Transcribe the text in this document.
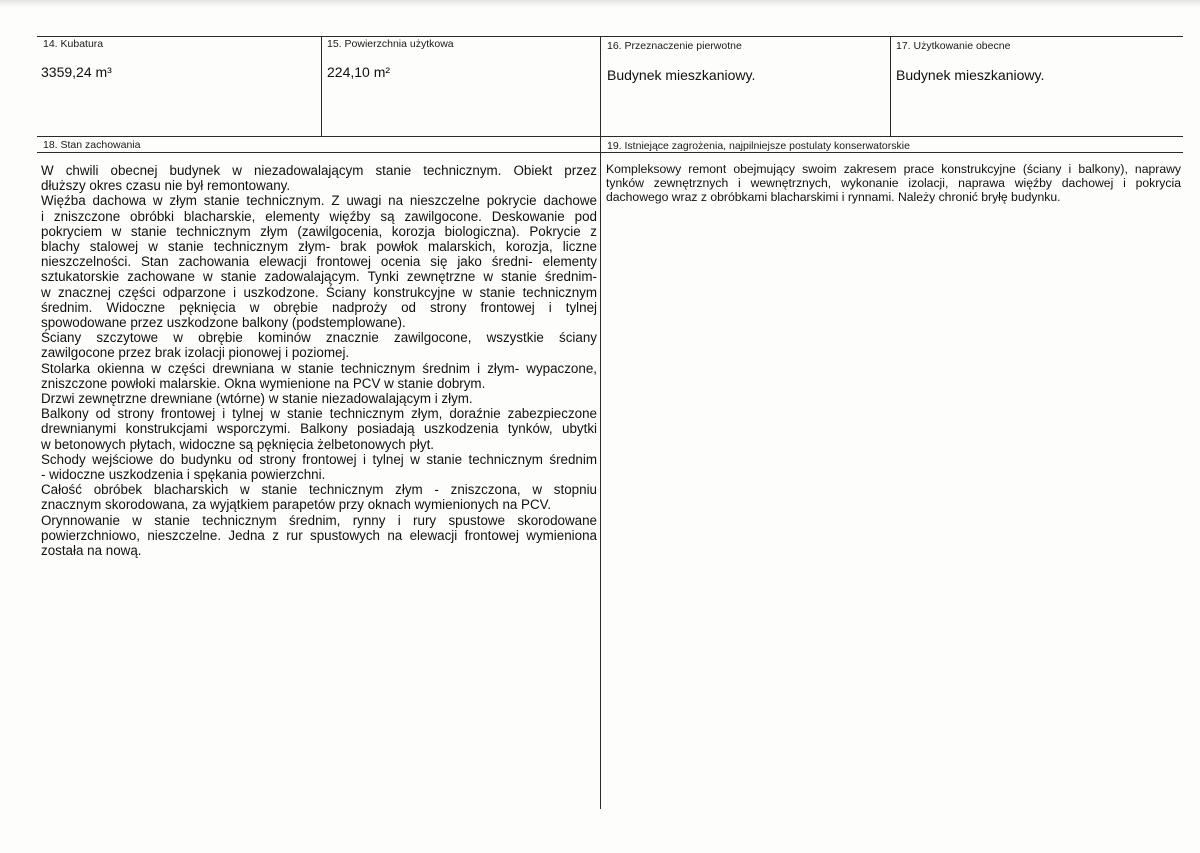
14. Kubatura
3359,24 m³
15. Powierzchnia użytkowa
224,10 m²
16. Przeznaczenie pierwotne
Budynek mieszkaniowy.
17. Użytkowanie obecne
Budynek mieszkaniowy.
18. Stan zachowania
W chwili obecnej budynek w niezadowalającym stanie technicznym. Obiekt przez
dłuższy okres czasu nie był remontowany.
Więźba dachowa w złym stanie technicznym. Z uwagi na nieszczelne pokrycie dachowe
i zniszczone obróbki blacharskie, elementy więźby są zawilgocone. Deskowanie pod
pokryciem w stanie technicznym złym (zawilgocenia, korozja biologiczna). Pokrycie z
blachy stalowej w stanie technicznym złym- brak powłok malarskich, korozja, liczne
nieszczelności. Stan zachowania elewacji frontowej ocenia się jako średni- elementy
sztukatorskie zachowane w stanie zadowalającym. Tynki zewnętrzne w stanie średnim-
w znacznej części odparzone i uszkodzone. Ściany konstrukcyjne w stanie technicznym
średnim. Widoczne pęknięcia w obrębie nadproży od strony frontowej i tylnej
spowodowane przez uszkodzone balkony (podstemplowane).
Ściany szczytowe w obrębie kominów znacznie zawilgocone, wszystkie ściany
zawilgocone przez brak izolacji pionowej i poziomej.
Stolarka okienna w części drewniana w stanie technicznym średnim i złym- wypaczone,
zniszczone powłoki malarskie. Okna wymienione na PCV w stanie dobrym.
Drzwi zewnętrzne drewniane (wtórne) w stanie niezadowalającym i złym.
Balkony od strony frontowej i tylnej w stanie technicznym złym, doraźnie zabezpieczone
drewnianymi konstrukcjami wsporczymi. Balkony posiadają uszkodzenia tynków, ubytki
w betonowych płytach, widoczne są pęknięcia żelbetonowych płyt.
Schody wejściowe do budynku od strony frontowej i tylnej w stanie technicznym średnim
- widoczne uszkodzenia i spękania powierzchni.
Całość obróbek blacharskich w stanie technicznym złym - zniszczona, w stopniu
znacznym skorodowana, za wyjątkiem parapetów przy oknach wymienionych na PCV.
Orynnowanie w stanie technicznym średnim, rynny i rury spustowe skorodowane
powierzchniowo, nieszczelne. Jedna z rur spustowych na elewacji frontowej wymieniona
została na nową.
19. Istniejące zagrożenia, najpilniejsze postulaty konserwatorskie
Kompleksowy remont obejmujący swoim zakresem prace konstrukcyjne (ściany i balkony), naprawy
tynków zewnętrznych i wewnętrznych, wykonanie izolacji, naprawa więźby dachowej i pokrycia
dachowego wraz z obróbkami blacharskimi i rynnami. Należy chronić bryłę budynku.
